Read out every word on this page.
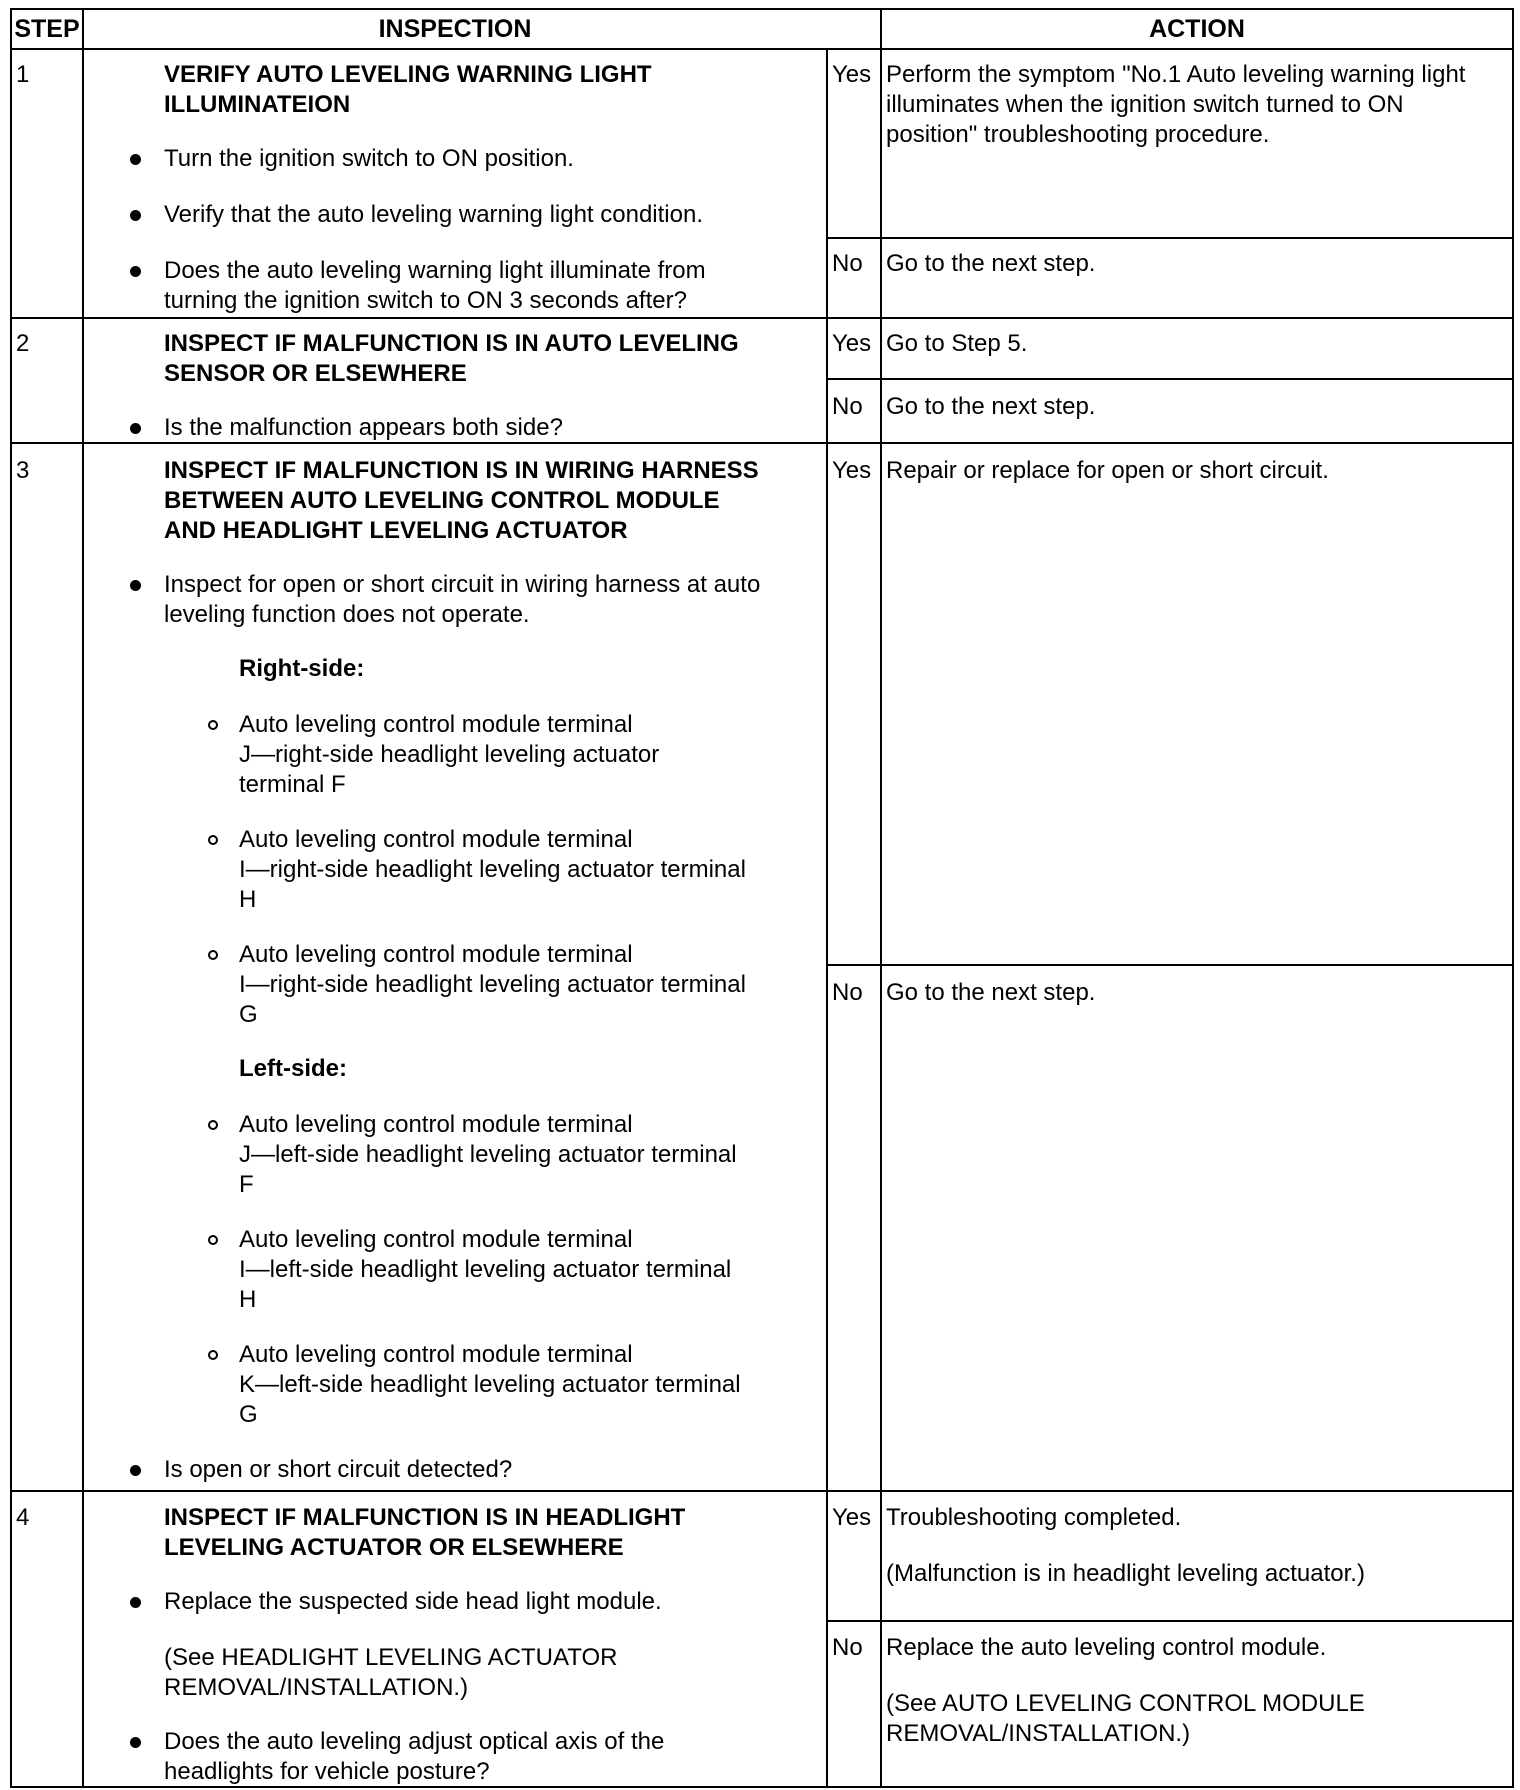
STEP	INSPECTION	ACTION
1	VERIFY AUTO LEVELING WARNING LIGHT
ILLUMINATEION
Turn the ignition switch to ON position.
Verify that the auto leveling warning light condition.
Does the auto leveling warning light illuminate from
turning the ignition switch to ON 3 seconds after?
Yes Perform the symptom "No.1 Auto leveling warning light
illuminates when the ignition switch turned to ON
position" troubleshooting procedure.
No Go to the next step.
2	INSPECT IF MALFUNCTION IS IN AUTO LEVELING
SENSOR OR ELSEWHERE
Is the malfunction appears both side?
Yes Go to Step 5.
No Go to the next step.
3	INSPECT IF MALFUNCTION IS IN WIRING HARNESS
BETWEEN AUTO LEVELING CONTROL MODULE
AND HEADLIGHT LEVELING ACTUATOR
Inspect for open or short circuit in wiring harness at auto
leveling function does not operate.
Right-side:
Auto leveling control module terminal
J—right-side headlight leveling actuator
terminal F
Auto leveling control module terminal
I—right-side headlight leveling actuator terminal
H
Auto leveling control module terminal
I—right-side headlight leveling actuator terminal
G
Left-side:
Auto leveling control module terminal
J—left-side headlight leveling actuator terminal
F
Auto leveling control module terminal
I—left-side headlight leveling actuator terminal
H
Auto leveling control module terminal
K—left-side headlight leveling actuator terminal
G
Is open or short circuit detected?
Yes Repair or replace for open or short circuit.
No Go to the next step.
4	INSPECT IF MALFUNCTION IS IN HEADLIGHT
LEVELING ACTUATOR OR ELSEWHERE
Replace the suspected side head light module.
(See HEADLIGHT LEVELING ACTUATOR
REMOVAL/INSTALLATION.)
Does the auto leveling adjust optical axis of the
headlights for vehicle posture?
Yes Troubleshooting completed.
(Malfunction is in headlight leveling actuator.)
No Replace the auto leveling control module.
(See AUTO LEVELING CONTROL MODULE
REMOVAL/INSTALLATION.)
